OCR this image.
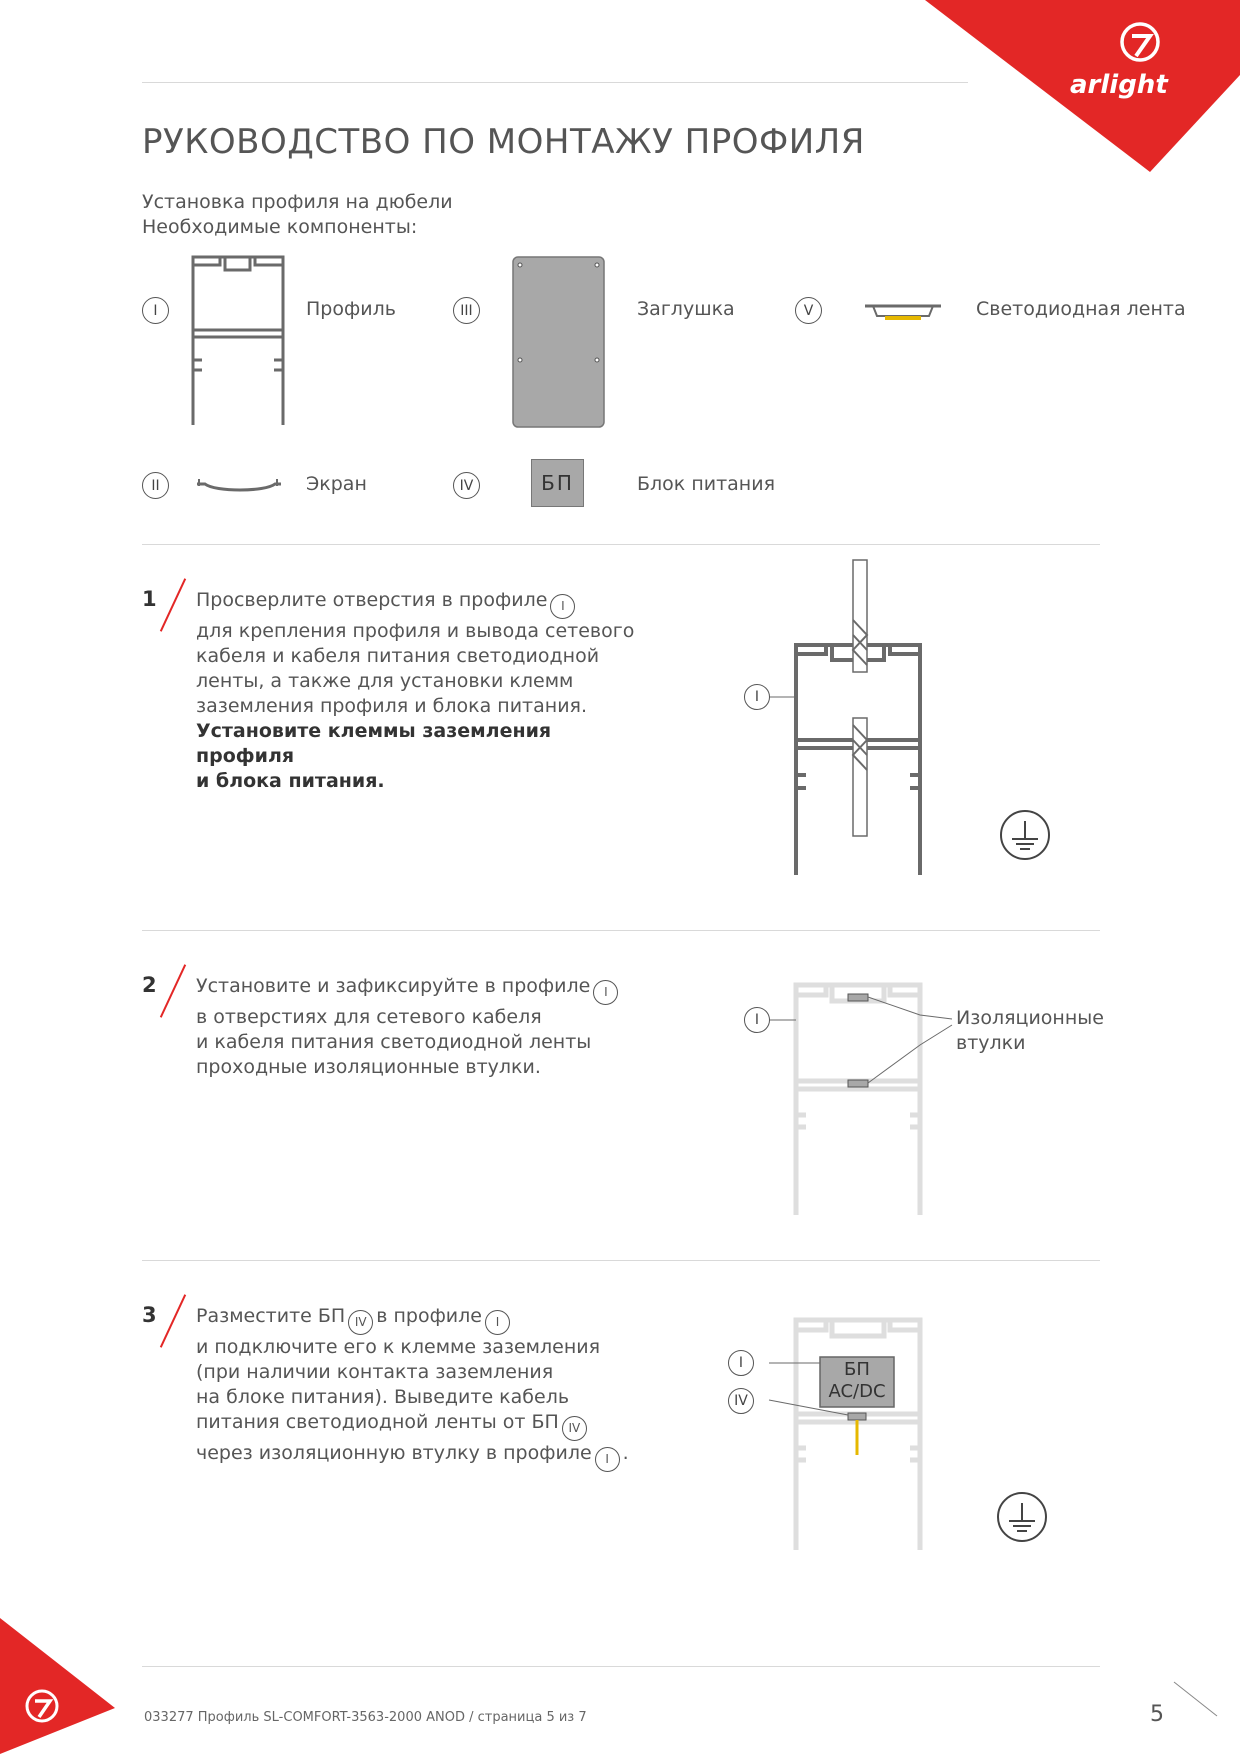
arlight
РУКОВОДСТВО ПО МОНТАЖУ ПРОФИЛЯ
Установка профиля на дюбели
Необходимые компоненты:
I	Профиль
II	Экран
III	Заглушка
IV	БП	Блок питания
V	Светодиодная лента
1 Просверлите отверстия в профиле I
для крепления профиля и вывода сетевого
кабеля и кабеля питания светодиодной
ленты, а также для установки клемм
заземления профиля и блока питания.
Установите клеммы заземления профиля
и блока питания.
I
2 Установите и зафиксируйте в профиле I
в отверстиях для сетевого кабеля
и кабеля питания светодиодной ленты
проходные изоляционные втулки.
I	Изоляционные
втулки
3 Разместите БП IV в профиле I
и подключите его к клемме заземления
(при наличии контакта заземления
на блоке питания). Выведите кабель
питания светодиодной ленты от БП IV
через изоляционную втулку в профиле I .
БП
AC/DC
I
IV
033277 Профиль SL-COMFORT-3563-2000 ANOD / страница 5 из 7	5
